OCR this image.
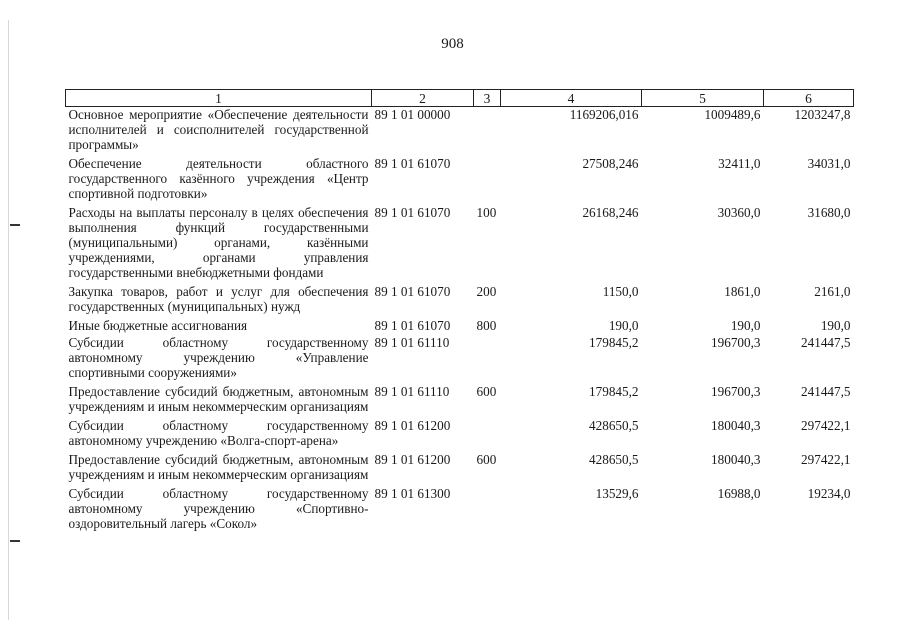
908
1	2	3	4	5	6
Основное мероприятие «Обеспечение деятельности исполнителей и соисполнителей государственной программы»	89 1 01 00000		1169206,016	1009489,6	1203247,8
Обеспечение деятельности областного государственного казённого учреждения «Центр спортивной подготовки»	89 1 01 61070		27508,246	32411,0	34031,0
Расходы на выплаты персоналу в целях обеспечения выполнения функций государственными (муниципальными) органами, казёнными учреждениями, органами управления государственными внебюджетными фондами	89 1 01 61070	100	26168,246	30360,0	31680,0
Закупка товаров, работ и услуг для обеспечения государственных (муниципальных) нужд	89 1 01 61070	200	1150,0	1861,0	2161,0
Иные бюджетные ассигнования	89 1 01 61070	800	190,0	190,0	190,0
Субсидии областному государственному автономному учреждению «Управление спортивными сооружениями»	89 1 01 61110		179845,2	196700,3	241447,5
Предоставление субсидий бюджетным, автономным учреждениям и иным некоммерческим организациям	89 1 01 61110	600	179845,2	196700,3	241447,5
Субсидии областному государственному автономному учреждению «Волга-спорт-арена»	89 1 01 61200		428650,5	180040,3	297422,1
Предоставление субсидий бюджетным, автономным учреждениям и иным некоммерческим организациям	89 1 01 61200	600	428650,5	180040,3	297422,1
Субсидии областному государственному автономному учреждению «Спортивно-оздоровительный лагерь «Сокол»	89 1 01 61300		13529,6	16988,0	19234,0
